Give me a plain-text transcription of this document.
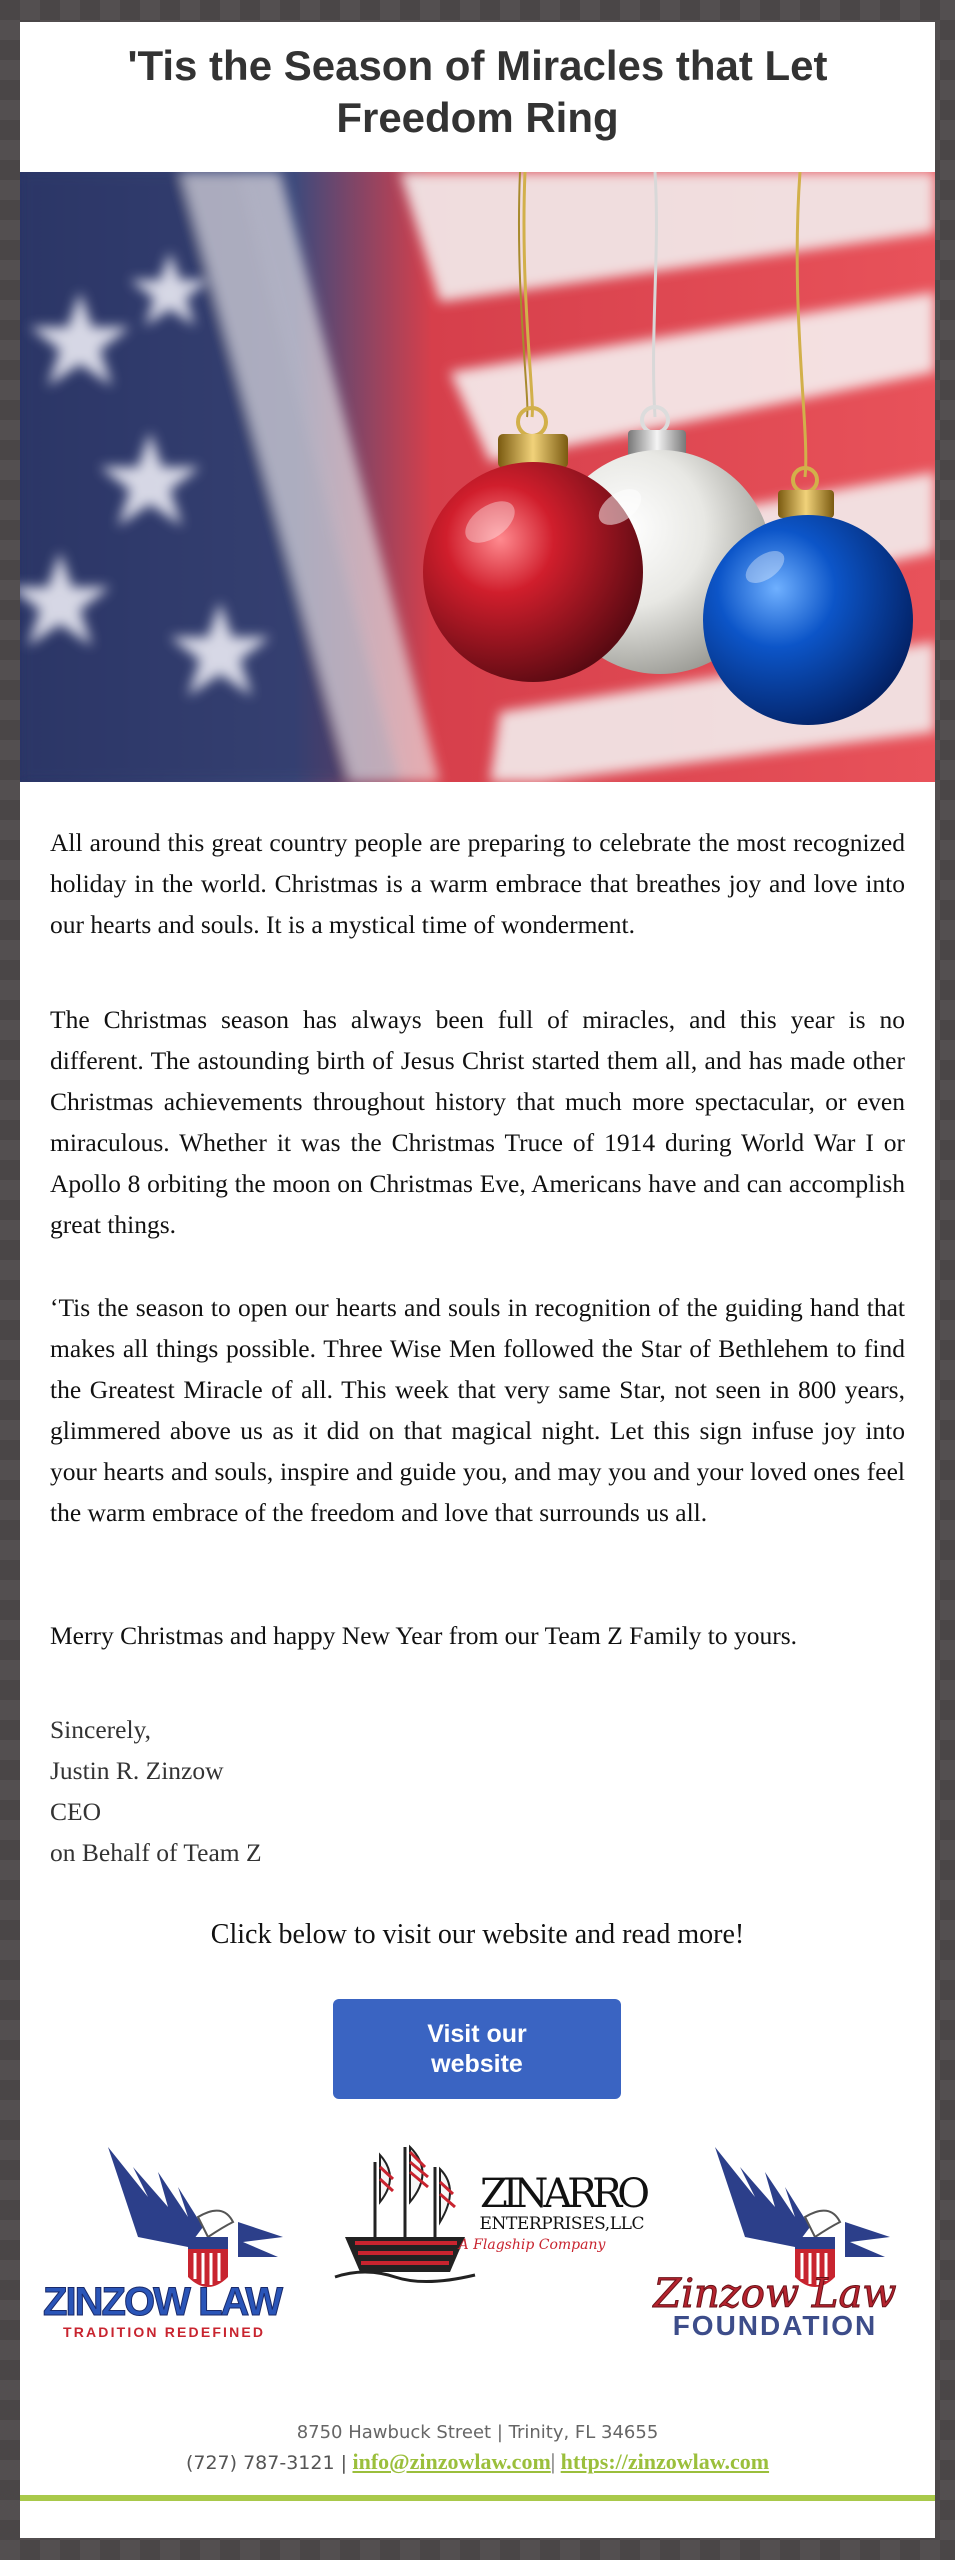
'Tis the Season of Miracles that Let Freedom Ring

All around this great country people are preparing to celebrate the most recognized holiday in the world. Christmas is a warm embrace that breathes joy and love into our hearts and souls. It is a mystical time of wonderment.

The Christmas season has always been full of miracles, and this year is no different. The astounding birth of Jesus Christ started them all, and has made other Christmas achievements throughout history that much more spectacular, or even miraculous. Whether it was the Christmas Truce of 1914 during World War I or Apollo 8 orbiting the moon on Christmas Eve, Americans have and can accomplish great things.

‘Tis the season to open our hearts and souls in recognition of the guiding hand that makes all things possible. Three Wise Men followed the Star of Bethlehem to find the Greatest Miracle of all. This week that very same Star, not seen in 800 years, glimmered above us as it did on that magical night. Let this sign infuse joy into your hearts and souls, inspire and guide you, and may you and your loved ones feel the warm embrace of the freedom and love that surrounds us all.

Merry Christmas and happy New Year from our Team Z Family to yours.

Sincerely,
Justin R. Zinzow
CEO
on Behalf of Team Z
Click below to visit our website and read more!
Visit our website
ZINZOW LAW
TRADITION REDEFINED
ZINARRO
ENTERPRISES,LLC
A Flagship Company
Zinzow Law
FOUNDATION
8750 Hawbuck Street | Trinity, FL 34655
(727) 787-3121 | info@zinzowlaw.com| https://zinzowlaw.com
